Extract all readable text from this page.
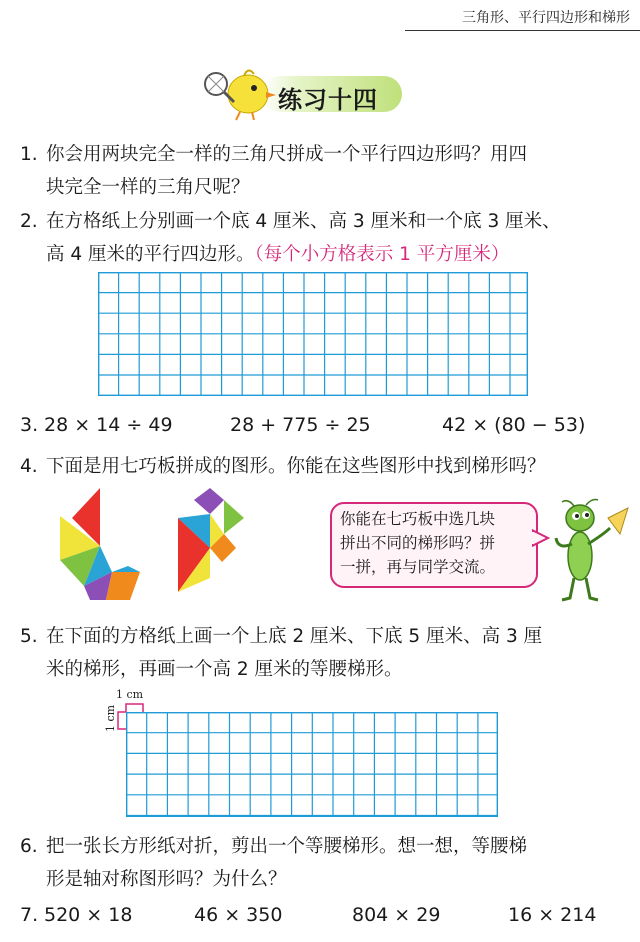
三角形、平行四边形和梯形
练习十四
1. 你会用两块完全一样的三角尺拼成一个平行四边形吗？用四
块完全一样的三角尺呢？
2. 在方格纸上分别画一个底 4 厘米、高 3 厘米和一个底 3 厘米、
高 4 厘米的平行四边形。（每个小方格表示 1 平方厘米）
3. 28 × 14 ÷ 49	28 + 775 ÷ 25	42 × (80 − 53)
4. 下面是用七巧板拼成的图形。你能在这些图形中找到梯形吗？
你能在七巧板中选几块
拼出不同的梯形吗？拼
一拼，再与同学交流。
5. 在下面的方格纸上画一个上底 2 厘米、下底 5 厘米、高 3 厘
米的梯形，再画一个高 2 厘米的等腰梯形。
1 cm
1 cm
6. 把一张长方形纸对折，剪出一个等腰梯形。想一想，等腰梯
形是轴对称图形吗？为什么？
7. 520 × 18	46 × 350	804 × 29	16 × 214
